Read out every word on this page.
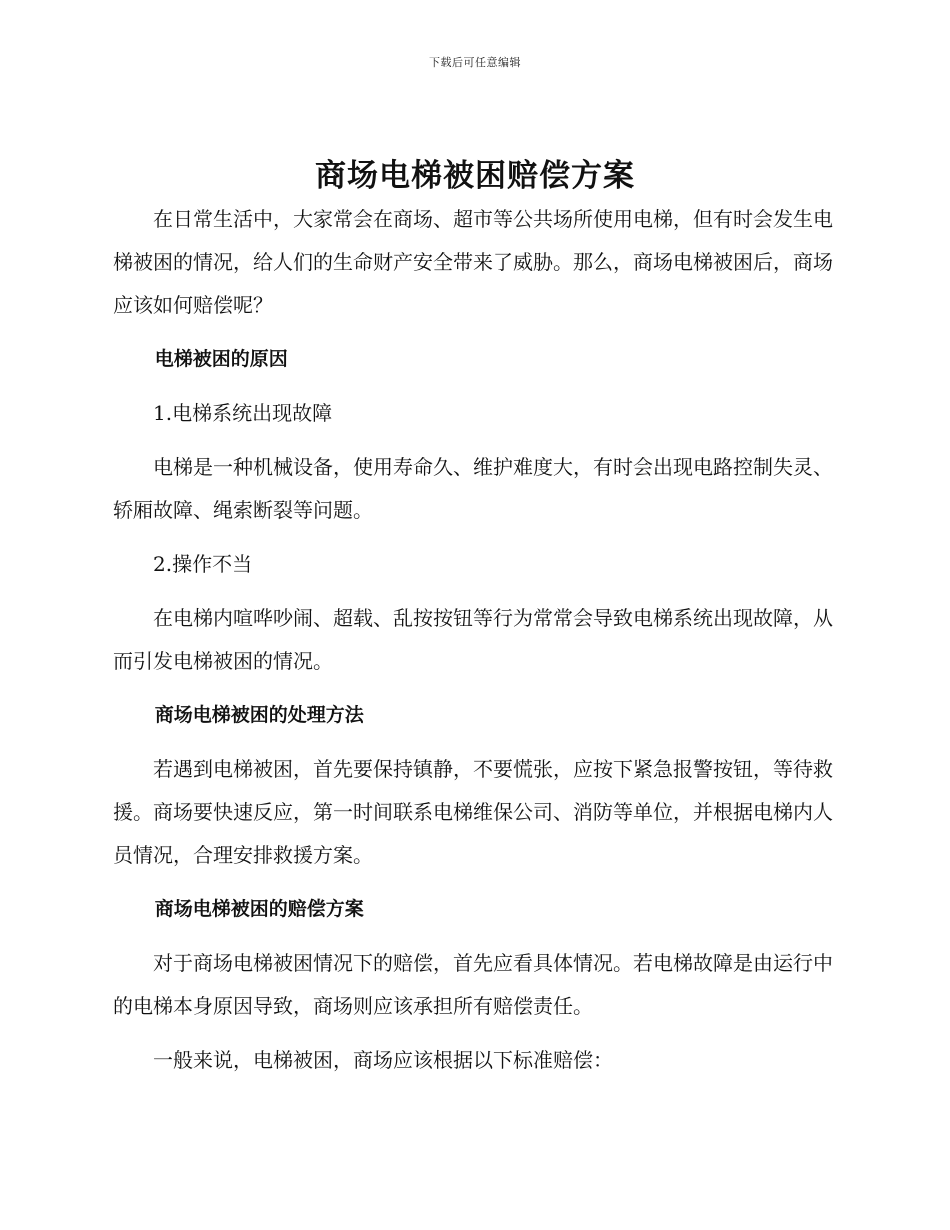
下载后可任意编辑
商场电梯被困赔偿方案

在日常生活中，大家常会在商场、超市等公共场所使用电梯，但有时会发生电梯被困的情况，给人们的生命财产安全带来了威胁。那么，商场电梯被困后，商场应该如何赔偿呢？

电梯被困的原因

1.电梯系统出现故障

电梯是一种机械设备，使用寿命久、维护难度大，有时会出现电路控制失灵、轿厢故障、绳索断裂等问题。

2.操作不当

在电梯内喧哗吵闹、超载、乱按按钮等行为常常会导致电梯系统出现故障，从而引发电梯被困的情况。

商场电梯被困的处理方法

若遇到电梯被困，首先要保持镇静，不要慌张，应按下紧急报警按钮，等待救援。商场要快速反应，第一时间联系电梯维保公司、消防等单位，并根据电梯内人员情况，合理安排救援方案。

商场电梯被困的赔偿方案

对于商场电梯被困情况下的赔偿，首先应看具体情况。若电梯故障是由运行中的电梯本身原因导致，商场则应该承担所有赔偿责任。

一般来说，电梯被困，商场应该根据以下标准赔偿：
